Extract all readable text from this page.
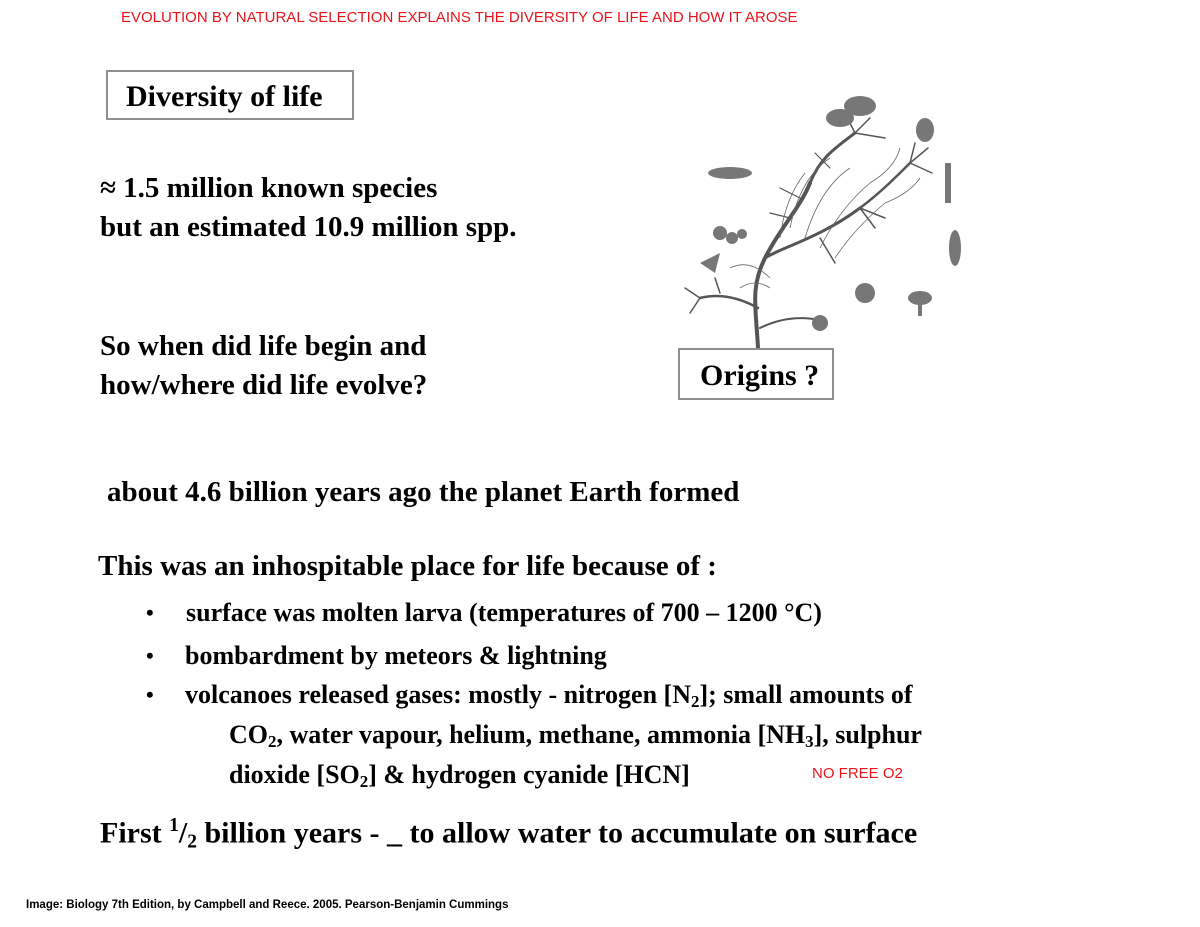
EVOLUTION BY NATURAL SELECTION EXPLAINS THE DIVERSITY OF LIFE AND HOW IT AROSE
Diversity of life
≈ 1.5 million known species
but an estimated 10.9 million spp.
So when did life begin and
how/where did life evolve?	Origins ?
about 4.6 billion years ago the planet Earth formed
This was an inhospitable place for life because of :
• surface was molten larva (temperatures of 700 – 1200 °C)
• bombardment by meteors & lightning
• volcanoes released gases: mostly - nitrogen $[N_2]$; small amounts of
$CO_2$, water vapour, helium, methane, ammonia $[NH_3]$, sulphur
dioxide $[SO_2]$ & hydrogen cyanide [HCN]	NO FREE O2
First $^1/_2$ billion years - _ to allow water to accumulate on surface
Image: Biology 7th Edition, by Campbell and Reece. 2005. Pearson-Benjamin Cummings
